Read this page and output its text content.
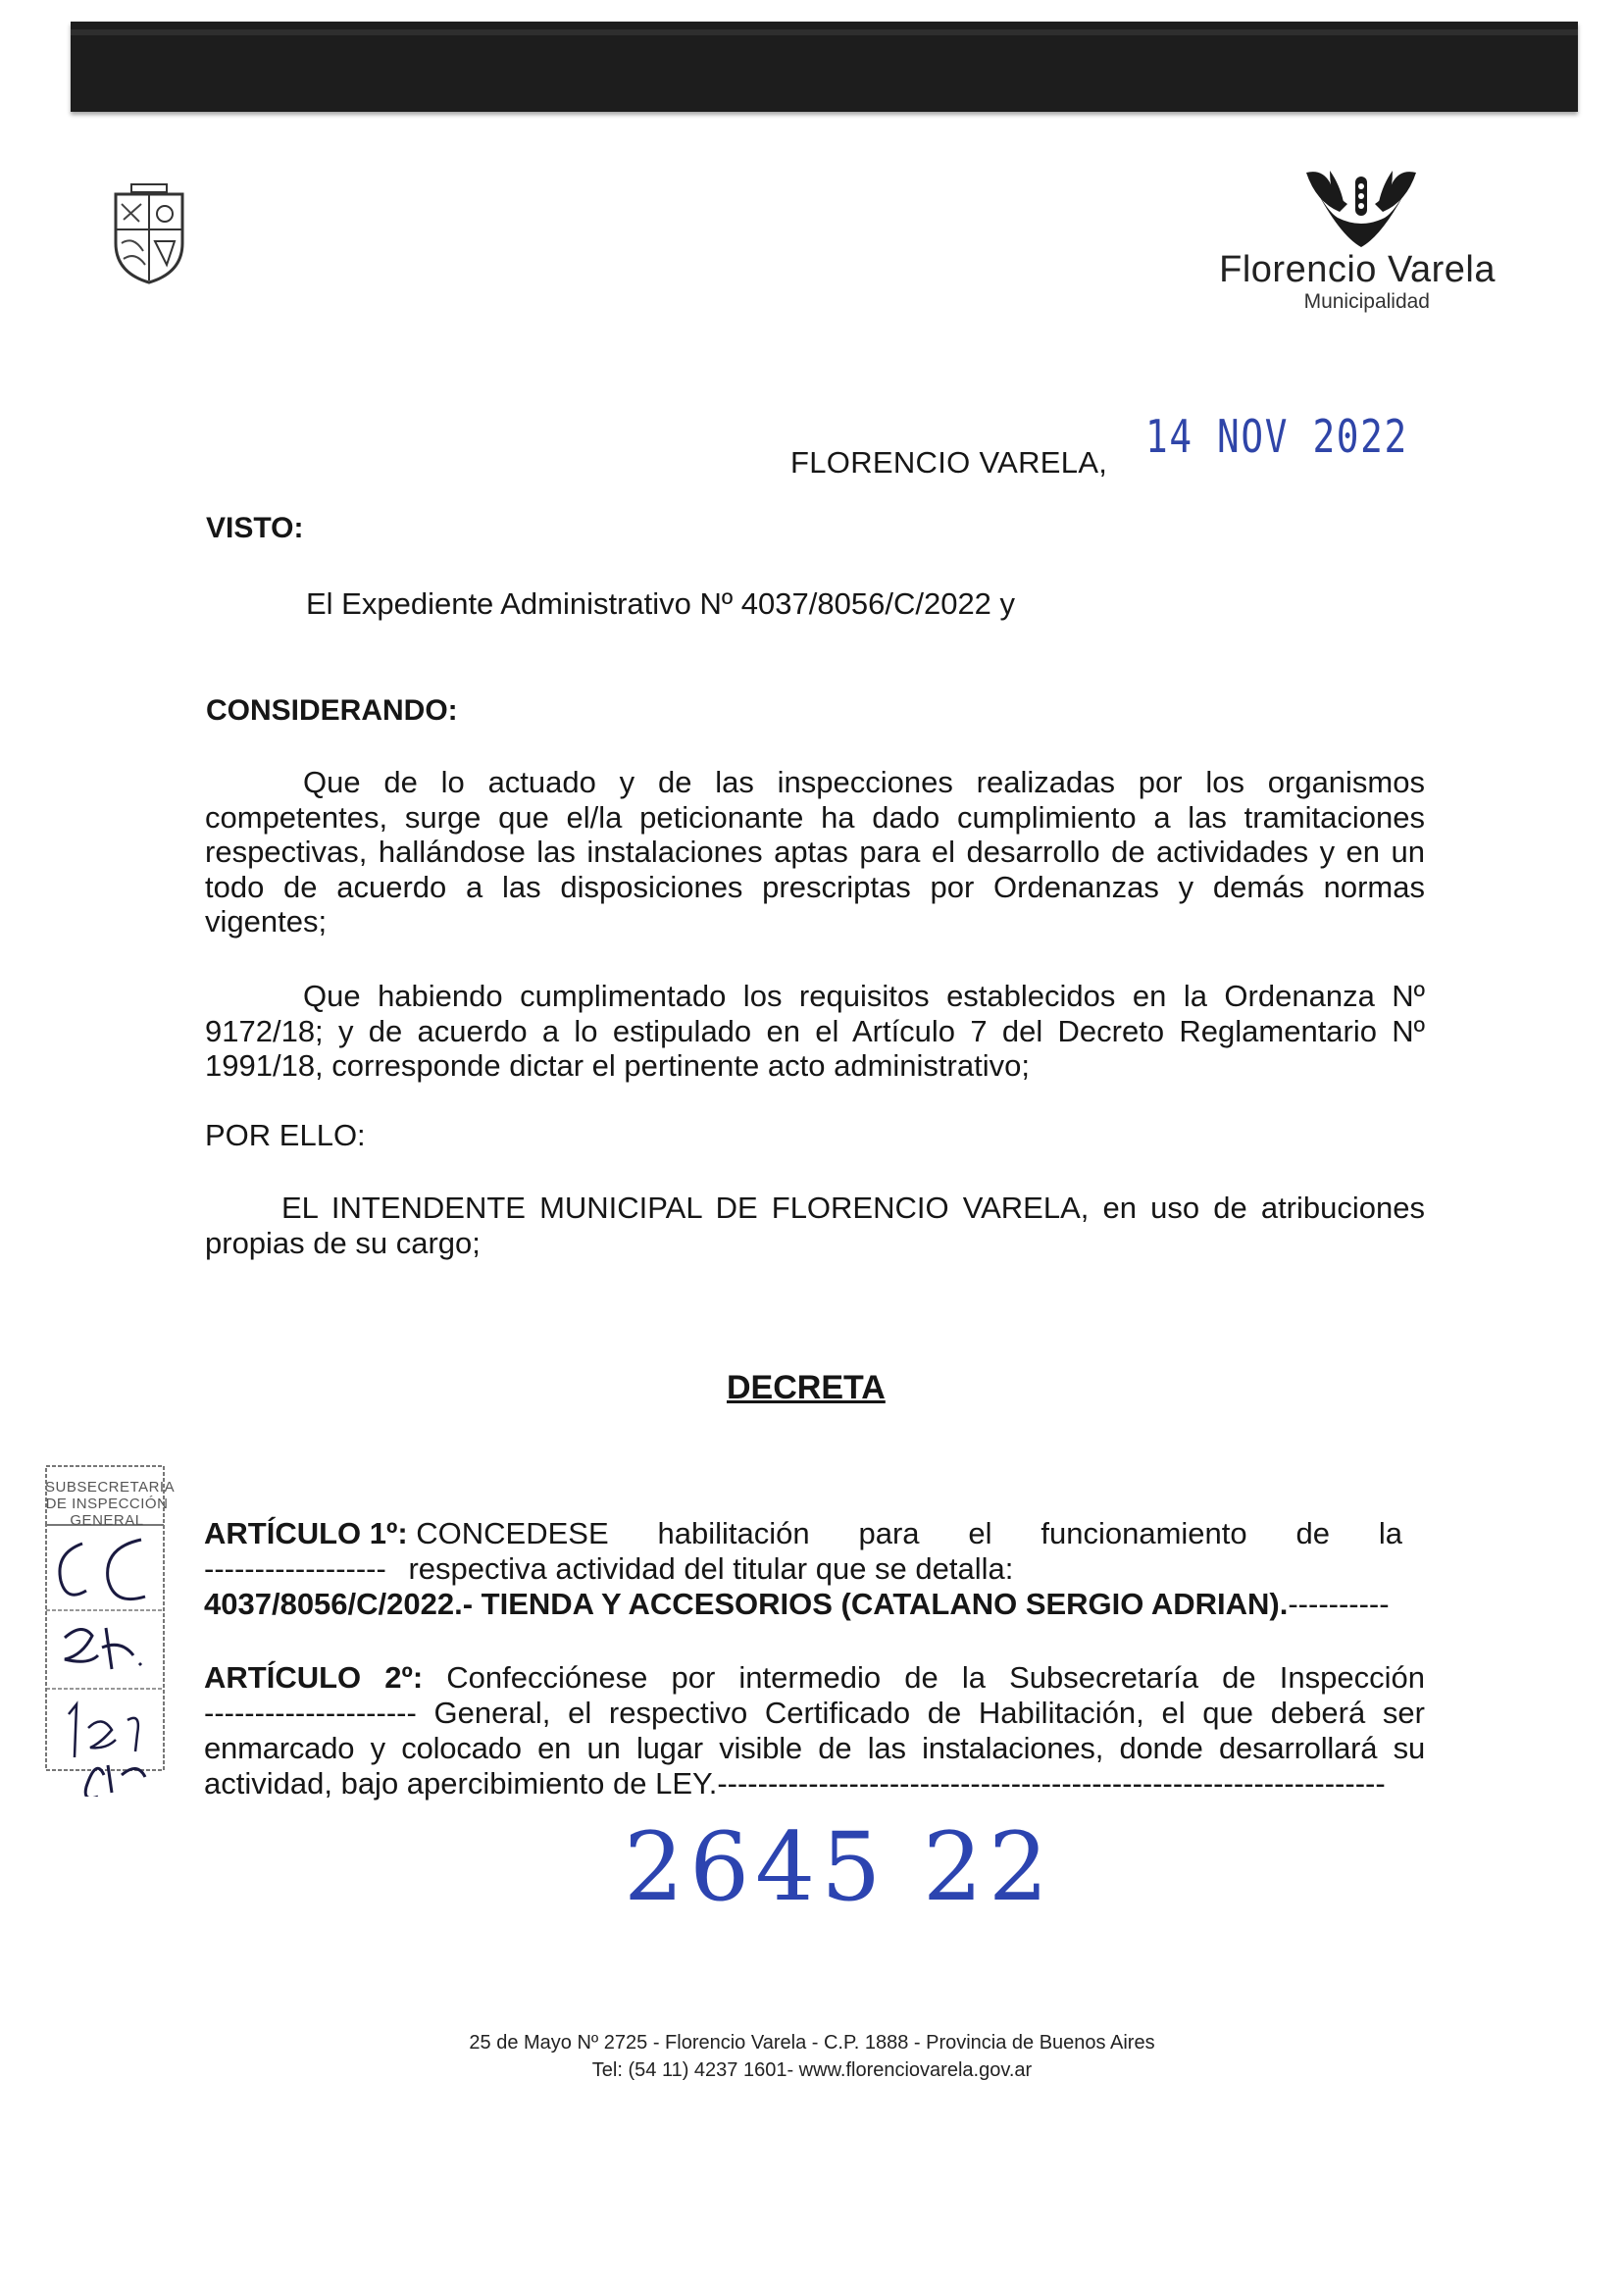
Florencio Varela
Municipalidad
FLORENCIO VARELA, 14 NOV 2022
VISTO:
El Expediente Administrativo Nº 4037/8056/C/2022 y
CONSIDERANDO:
Que de lo actuado y de las inspecciones realizadas por los organismos competentes, surge que el/la peticionante ha dado cumplimiento a las tramitaciones respectivas, hallándose las instalaciones aptas para el desarrollo de actividades y en un todo de acuerdo a las disposiciones prescriptas por Ordenanzas y demás normas vigentes;
Que habiendo cumplimentado los requisitos establecidos en la Ordenanza Nº 9172/18; y de acuerdo a lo estipulado en el Artículo 7 del Decreto Reglamentario Nº 1991/18, corresponde dictar el pertinente acto administrativo;
POR ELLO:
EL INTENDENTE MUNICIPAL DE FLORENCIO VARELA, en uso de atribuciones propias de su cargo;
DECRETA
ARTÍCULO 1º: CONCEDESE habilitación para el funcionamiento de la
------------------ respectiva actividad del titular que se detalla:
4037/8056/C/2022.- TIENDA Y ACCESORIOS (CATALANO SERGIO ADRIAN).----------
ARTÍCULO 2º: Confecciónese por intermedio de la Subsecretaría de Inspección
--------------------- General, el respectivo Certificado de Habilitación, el que deberá ser
enmarcado y colocado en un lugar visible de las instalaciones, donde desarrollará su
actividad, bajo apercibimiento de LEY.------------------------------------------------------------------
SUBSECRETARIA
DE INSPECCIÓN
GENERAL
2645 22
25 de Mayo Nº 2725 - Florencio Varela - C.P. 1888 - Provincia de Buenos Aires
Tel: (54 11) 4237 1601- www.florenciovarela.gov.ar
